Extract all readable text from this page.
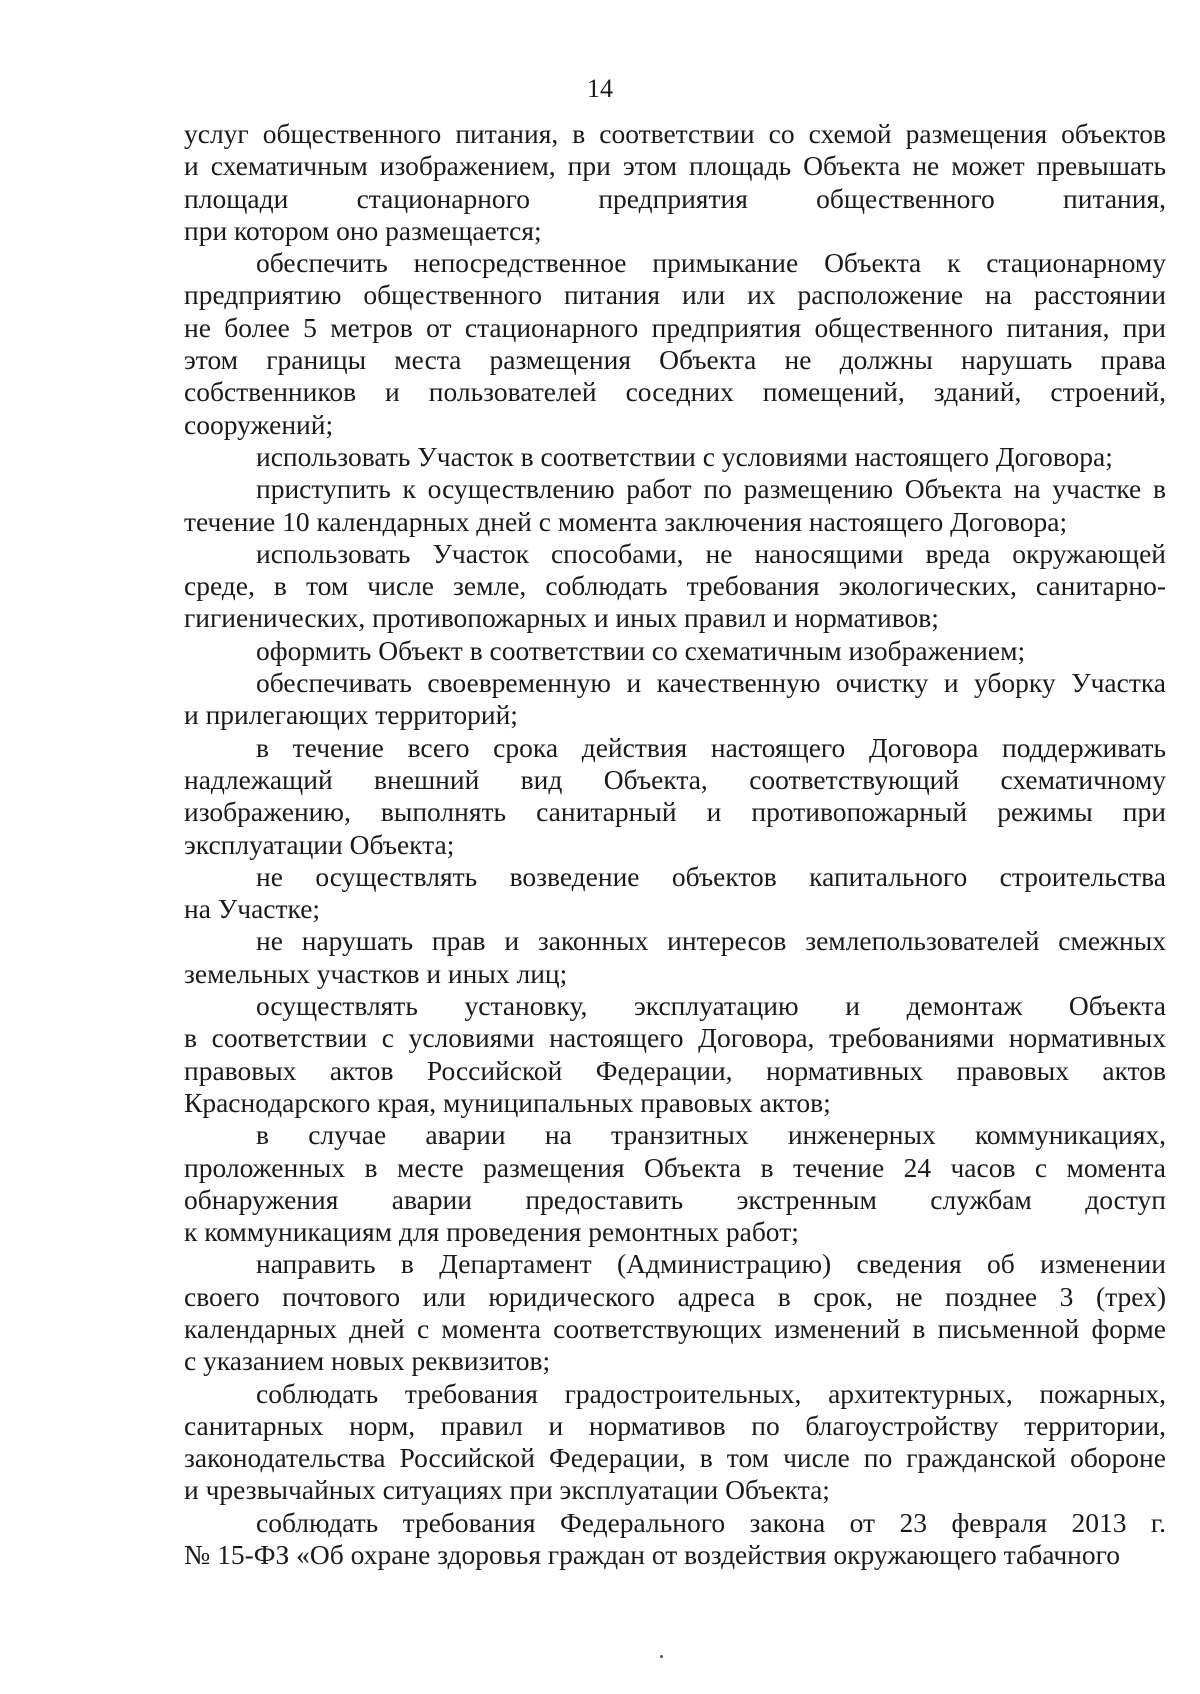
14

услуг общественного питания, в соответствии со схемой размещения объектов
и схематичным изображением, при этом площадь Объекта не может превышать
площади стационарного предприятия общественного питания,
при котором оно размещается;

обеспечить непосредственное примыкание Объекта к стационарному
предприятию общественного питания или их расположение на расстоянии
не более 5 метров от стационарного предприятия общественного питания, при
этом границы места размещения Объекта не должны нарушать права
собственников и пользователей соседних помещений, зданий, строений,
сооружений;

использовать Участок в соответствии с условиями настоящего Договора;

приступить к осуществлению работ по размещению Объекта на участке в
течение 10 календарных дней с момента заключения настоящего Договора;

использовать Участок способами, не наносящими вреда окружающей
среде, в том числе земле, соблюдать требования экологических, санитарно-
гигиенических, противопожарных и иных правил и нормативов;

оформить Объект в соответствии со схематичным изображением;

обеспечивать своевременную и качественную очистку и уборку Участка
и прилегающих территорий;

в течение всего срока действия настоящего Договора поддерживать
надлежащий внешний вид Объекта, соответствующий схематичному
изображению, выполнять санитарный и противопожарный режимы при
эксплуатации Объекта;

не осуществлять возведение объектов капитального строительства
на Участке;

не нарушать прав и законных интересов землепользователей смежных
земельных участков и иных лиц;

осуществлять установку, эксплуатацию и демонтаж Объекта
в соответствии с условиями настоящего Договора, требованиями нормативных
правовых актов Российской Федерации, нормативных правовых актов
Краснодарского края, муниципальных правовых актов;

в случае аварии на транзитных инженерных коммуникациях,
проложенных в месте размещения Объекта в течение 24 часов с момента
обнаружения аварии предоставить экстренным службам доступ
к коммуникациям для проведения ремонтных работ;

направить в Департамент (Администрацию) сведения об изменении
своего почтового или юридического адреса в срок, не позднее 3 (трех)
календарных дней с момента соответствующих изменений в письменной форме
с указанием новых реквизитов;

соблюдать требования градостроительных, архитектурных, пожарных,
санитарных норм, правил и нормативов по благоустройству территории,
законодательства Российской Федерации, в том числе по гражданской обороне
и чрезвычайных ситуациях при эксплуатации Объекта;

соблюдать требования Федерального закона от 23 февраля 2013 г.
№ 15-ФЗ «Об охране здоровья граждан от воздействия окружающего табачного
